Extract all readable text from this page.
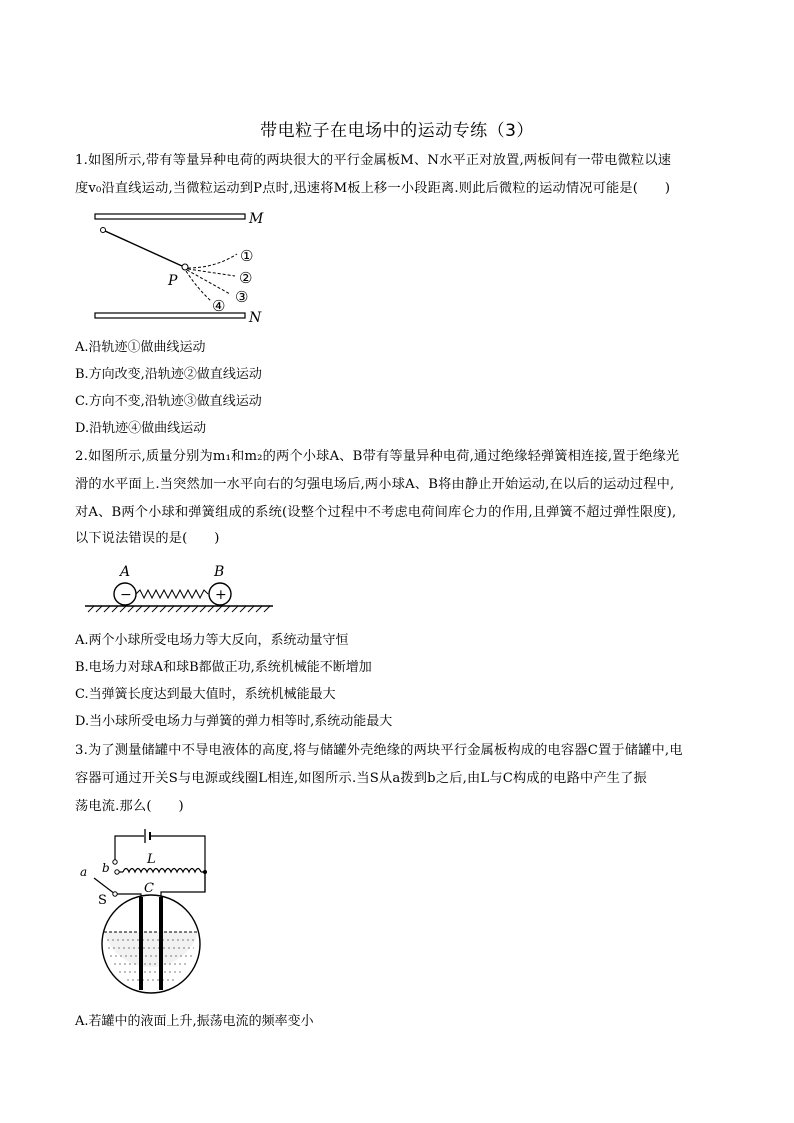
带电粒子在电场中的运动专练（3）
1.如图所示,带有等量异种电荷的两块很大的平行金属板M、N水平正对放置,两板间有一带电微粒以速
度v₀沿直线运动,当微粒运动到P点时,迅速将M板上移一小段距离.则此后微粒的运动情况可能是(　　)
M
N
P
①
②
③
④
A.沿轨迹①做曲线运动
B.方向改变,沿轨迹②做直线运动
C.方向不变,沿轨迹③做直线运动
D.沿轨迹④做曲线运动
2.如图所示,质量分别为m₁和m₂的两个小球A、B带有等量异种电荷,通过绝缘轻弹簧相连接,置于绝缘光
滑的水平面上.当突然加一水平向右的匀强电场后,两小球A、B将由静止开始运动,在以后的运动过程中,
对A、B两个小球和弹簧组成的系统(设整个过程中不考虑电荷间库仑力的作用,且弹簧不超过弹性限度),
以下说法错误的是(　　)
A	B
−	+
A.两个小球所受电场力等大反向，系统动量守恒
B.电场力对球A和球B都做正功,系统机械能不断增加
C.当弹簧长度达到最大值时，系统机械能最大
D.当小球所受电场力与弹簧的弹力相等时,系统动能最大
3.为了测量储罐中不导电液体的高度,将与储罐外壳绝缘的两块平行金属板构成的电容器C置于储罐中,电
容器可通过开关S与电源或线圈L相连,如图所示.当S从a拨到b之后,由L与C构成的电路中产生了振
荡电流.那么(　　)
L
a b
S
C
A.若罐中的液面上升,振荡电流的频率变小
